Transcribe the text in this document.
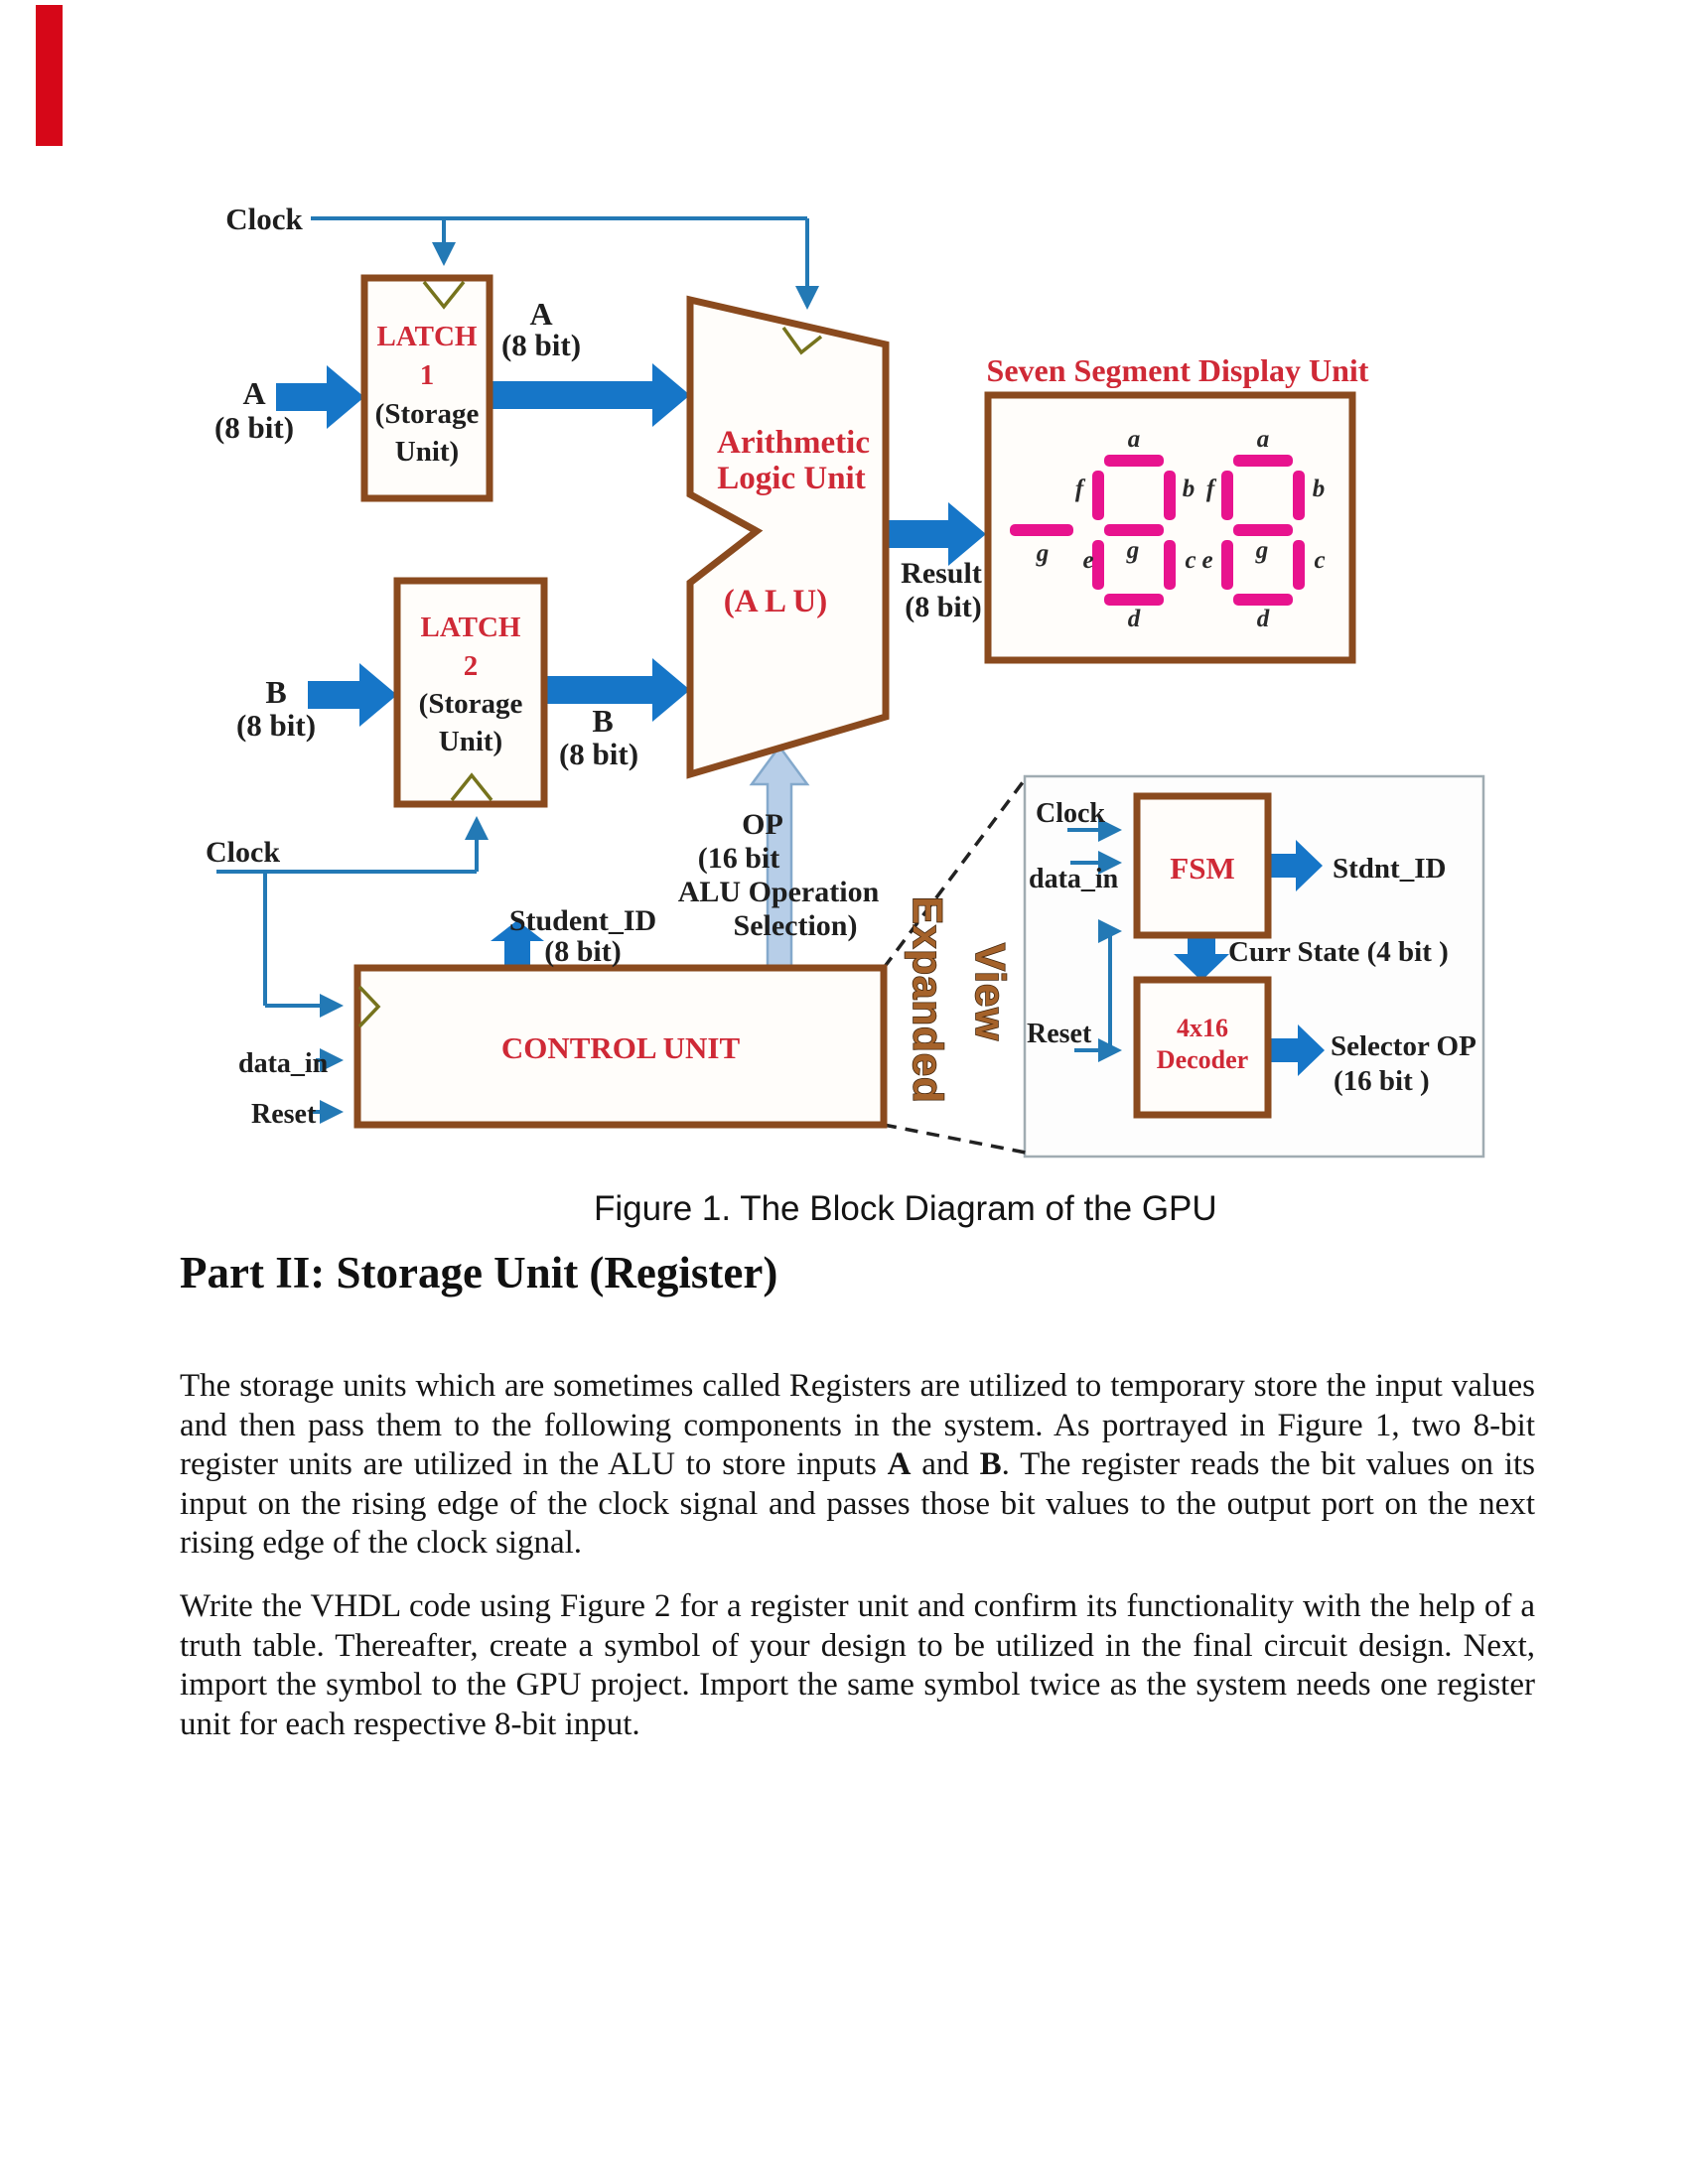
a
f	b
g
e	c
d
a
f	b
g
e	c
d
g
Clock
Clock
A
(8 bit)
A
(8 bit)
B
(8 bit)	B
(8 bit)
Result
(8 bit)
LATCH
1
(Storage
Unit)
LATCH
2
(Storage
Unit)
Arithmetic
Logic Unit
(A L U)
Seven Segment Display Unit
CONTROL UNIT
data_in
Reset
Student_ID
(8 bit)
OP
(16 bit
ALU Operation
Selection)
Clock
data_in
Reset
FSM
4x16
Decoder
Stdnt_ID
Curr State (4 bit )
Selector OP
(16 bit )
Expanded View
Figure 1. The Block Diagram of the GPU
Part II: Storage Unit (Register)

The storage units which are sometimes called Registers are utilized to temporary store the input values and then pass them to the following components in the system. As portrayed in Figure 1, two 8-bit register units are utilized in the ALU to store inputs A and B. The register reads the bit values on its input on the rising edge of the clock signal and passes those bit values to the output port on the next rising edge of the clock signal.

Write the VHDL code using Figure 2 for a register unit and confirm its functionality with the help of a truth table. Thereafter, create a symbol of your design to be utilized in the final circuit design. Next, import the symbol to the GPU project. Import the same symbol twice as the system needs one register unit for each respective 8-bit input.
